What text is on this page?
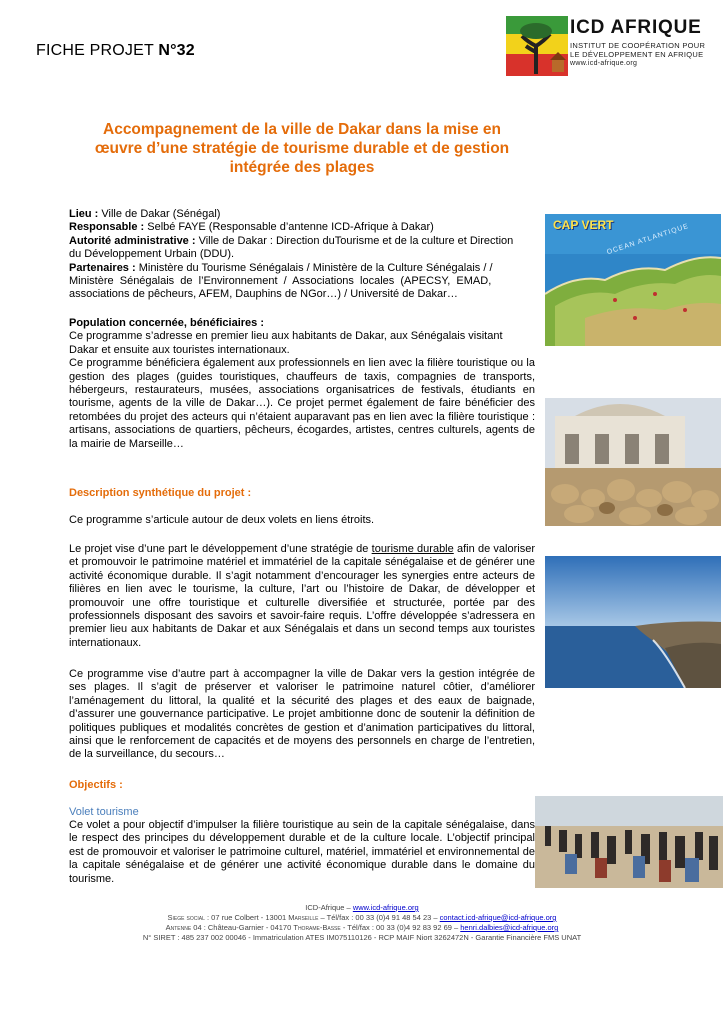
FICHE PROJET N°32
ICD AFRIQUE
INSTITUT DE COOPÉRATION POUR
LE DÉVELOPPEMENT EN AFRIQUE
www.icd-afrique.org
Accompagnement de la ville de Dakar dans la mise en
œuvre d’une stratégie de tourisme durable et de gestion
intégrée des plages
Lieu : Ville de Dakar (Sénégal)
Responsable : Selbé FAYE (Responsable d’antenne ICD-Afrique à Dakar)
Autorité administrative : Ville de Dakar : Direction duTourisme et de la culture et Direction
du Développement Urbain (DDU).
Partenaires : Ministère du Tourisme Sénégalais / Ministère de la Culture Sénégalais / /
Ministère  Sénégalais  de  l’Environnement  /  Associations  locales  (APECSY,  EMAD,
associations de pêcheurs, AFEM, Dauphins de NGor…) / Université de Dakar…
Population concernée, bénéficiaires :
Ce programme s’adresse en premier lieu aux habitants de Dakar, aux Sénégalais visitant
Dakar et ensuite aux touristes internationaux.
Ce programme bénéficiera également aux professionnels en lien avec la filière touristique ou la gestion des plages (guides touristiques, chauffeurs de taxis, compagnies de transports, hébergeurs, restaurateurs, musées, associations organisatrices de festivals, étudiants en tourisme, agents de la ville de Dakar…). Ce projet permet également de faire bénéficier des retombées du projet des acteurs qui n’étaient auparavant pas en lien avec la filière touristique : artisans, associations de quartiers, pêcheurs, écogardes, artistes, centres culturels, agents de la mairie de Marseille…
Description synthétique du projet :
Ce programme s’articule autour de deux volets en liens étroits.
Le projet vise d’une part le développement d’une stratégie de tourisme durable afin de valoriser et promouvoir le patrimoine matériel et immatériel de la capitale sénégalaise et de générer une activité économique durable. Il s’agit notamment d’encourager les synergies entre acteurs de filières en lien avec le tourisme, la culture, l’art ou l’histoire de Dakar, de développer et promouvoir une offre touristique et culturelle diversifiée et structurée, portée par des professionnels disposant des savoirs et savoir-faire requis. L’offre développée s’adressera en premier lieu aux habitants de Dakar et aux Sénégalais et dans un second temps aux touristes internationaux.
Ce programme vise d’autre part à accompagner la ville de Dakar vers la gestion intégrée de ses plages. Il s’agit de préserver et valoriser le patrimoine naturel côtier, d’améliorer l’aménagement du littoral, la qualité et la sécurité des plages et des eaux de baignade, d’assurer une gouvernance participative. Le projet ambitionne donc de soutenir la définition de politiques publiques et modalités concrètes de gestion et d’animation participatives du littoral, ainsi que le renforcement de capacités et de moyens des personnels en charge de l’entretien, de la surveillance, du secours…
Objectifs :
Volet tourisme
Ce volet a pour objectif d’impulser la filière touristique au sein de la capitale sénégalaise, dans le respect des principes du développement durable et de la culture locale. L’objectif principal est de promouvoir et valoriser le patrimoine culturel, matériel, immatériel et environnemental de la capitale sénégalaise et de générer une activité économique durable dans le domaine du tourisme.
CAP VERT
OCEAN ATLANTIQUE
ICD-Afrique – www.icd-afrique.org
Siege social : 07 rue Colbert - 13001 Marseille – Tél/fax : 00 33 (0)4 91 48 54 23 – contact.icd-afrique@icd-afrique.org
Antenne 04 : Château-Garnier - 04170 Thorame-Basse - Tél/fax : 00 33 (0)4 92 83 92 69 – henri.dalbies@icd-afrique.org
N° SIRET : 485 237 002 00046 - Immatriculation ATES IM075110126 - RCP MAIF Niort 3262472N - Garantie Financière FMS UNAT
